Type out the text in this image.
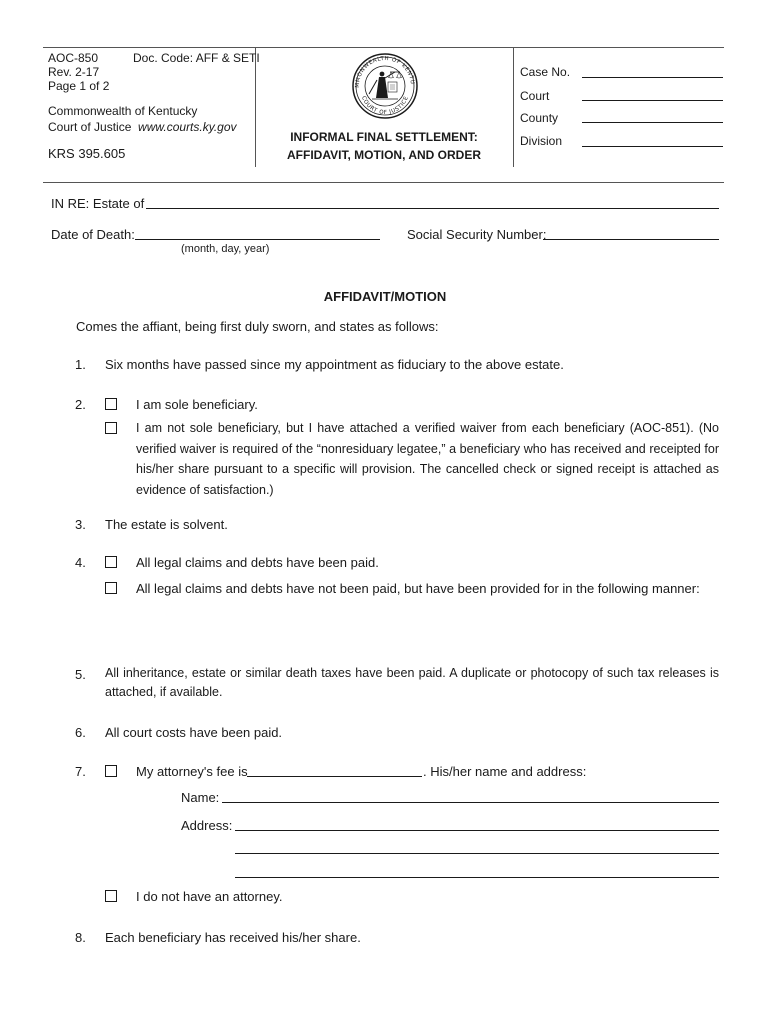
AOC-850	Doc. Code: AFF & SETI
Rev. 2-17
Page 1 of 2
Commonwealth of Kentucky
Court of Justice www.courts.ky.gov
KRS 395.605
MMONWEALTH OF KENTU
COURT OF JUSTICE
INFORMAL FINAL SETTLEMENT:
AFFIDAVIT, MOTION, AND ORDER
Case No.
Court
County
Division
IN RE: Estate of
Date of Death:
(month, day, year)
Social Security Number:
AFFIDAVIT/MOTION
Comes the affiant, being first duly sworn, and states as follows:
1. Six months have passed since my appointment as fiduciary to the above estate.
2.	I am sole beneficiary.
I am not sole beneficiary, but I have attached a verified waiver from each beneficiary (AOC-851). (No verified waiver is required of the “nonresiduary legatee,” a beneficiary who has received and receipted for his/her share pursuant to a specific will provision. The cancelled check or signed receipt is attached as evidence of satisfaction.)
3. The estate is solvent.
4.	All legal claims and debts have been paid.
All legal claims and debts have not been paid, but have been provided for in the following manner:
5. All inheritance, estate or similar death taxes have been paid. A duplicate or photocopy of such tax releases is attached, if available.
6. All court costs have been paid.
7.	My attorney's fee is	. His/her name and address:
Name:
Address:
I do not have an attorney.
8. Each beneficiary has received his/her share.
